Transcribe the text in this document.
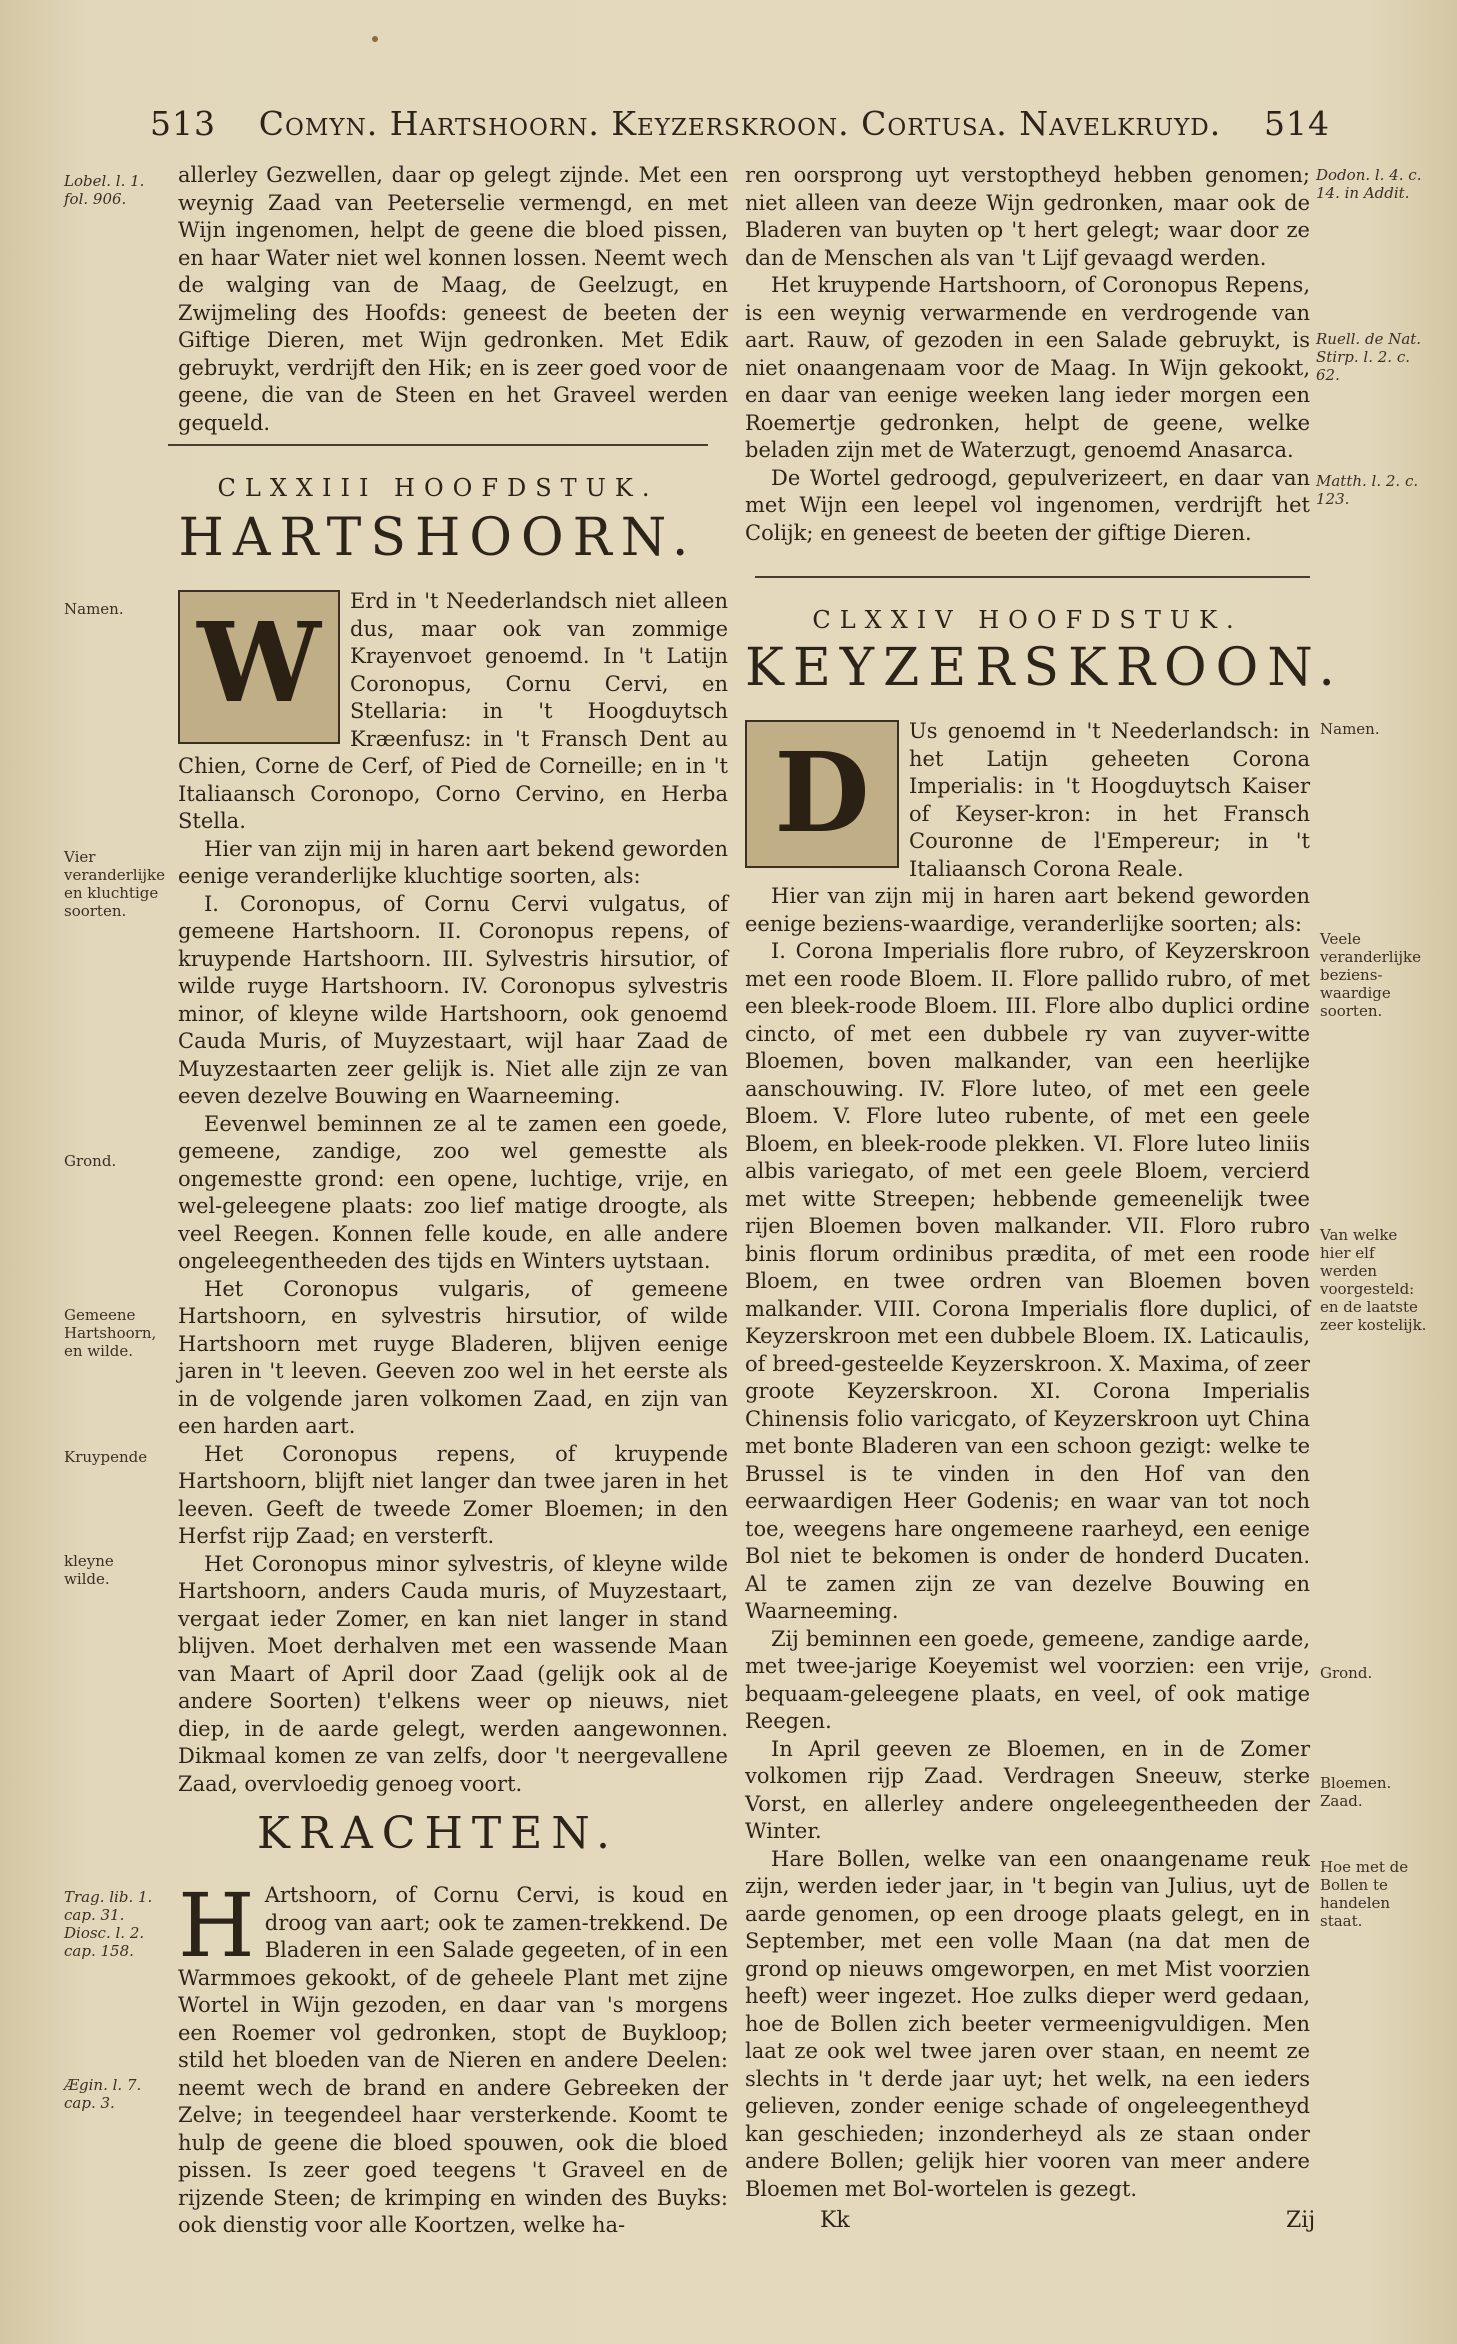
513	Comyn. Hartshoorn. Keyzerskroon. Cortusa. Navelkruyd.	514
Lobel. l. 1. fol. 906.
Namen.
Vier veranderlijke en kluchtige soorten.
Grond.
Gemeene Hartshoorn, en wilde.
Kruypende
kleyne wilde.
Trag. lib. 1. cap. 31. Diosc. l. 2. cap. 158.
Ægin. l. 7. cap. 3.

allerley Gezwellen, daar op gelegt zijnde. Met een weynig Zaad van Peeterselie vermengd, en met Wijn ingenomen, helpt de geene die bloed pissen, en haar Water niet wel konnen lossen. Neemt wech de walging van de Maag, de Geelzugt, en Zwijmeling des Hoofds: geneest de beeten der Giftige Dieren, met Wijn gedronken. Met Edik gebruykt, verdrijft den Hik; en is zeer goed voor de geene, die van de Steen en het Graveel werden gequeld.

CLXXIII HOOFDSTUK.
HARTSHOORN.
W	Erd in 't Neederlandsch niet alleen dus, maar ook van zommige Krayenvoet genoemd. In 't Latijn Coronopus, Cornu Cervi, en Stellaria: in 't Hoogduytsch Kræenfusz: in 't Fransch Dent au Chien, Corne de Cerf, of Pied de Corneille; en in 't Italiaansch Coronopo, Corno Cervino, en Herba Stella.

Hier van zijn mij in haren aart bekend geworden eenige veranderlijke kluchtige soorten, als:

I. Coronopus, of Cornu Cervi vulgatus, of gemeene Hartshoorn. II. Coronopus repens, of kruypende Hartshoorn. III. Sylvestris hirsutior, of wilde ruyge Hartshoorn. IV. Coronopus sylvestris minor, of kleyne wilde Hartshoorn, ook genoemd Cauda Muris, of Muyzestaart, wijl haar Zaad de Muyzestaarten zeer gelijk is. Niet alle zijn ze van eeven dezelve Bouwing en Waarneeming.

Eevenwel beminnen ze al te zamen een goede, gemeene, zandige, zoo wel gemestte als ongemestte grond: een opene, luchtige, vrije, en wel-geleegene plaats: zoo lief matige droogte, als veel Reegen. Konnen felle koude, en alle andere ongeleegentheeden des tijds en Winters uytstaan.

Het Coronopus vulgaris, of gemeene Hartshoorn, en sylvestris hirsutior, of wilde Hartshoorn met ruyge Bladeren, blijven eenige jaren in 't leeven. Geeven zoo wel in het eerste als in de volgende jaren volkomen Zaad, en zijn van een harden aart.

Het Coronopus repens, of kruypende Hartshoorn, blijft niet langer dan twee jaren in het leeven. Geeft de tweede Zomer Bloemen; in den Herfst rijp Zaad; en versterft.

Het Coronopus minor sylvestris, of kleyne wilde Hartshoorn, anders Cauda muris, of Muyzestaart, vergaat ieder Zomer, en kan niet langer in stand blijven. Moet derhalven met een wassende Maan van Maart of April door Zaad (gelijk ook al de andere Soorten) t'elkens weer op nieuws, niet diep, in de aarde gelegt, werden aangewonnen. Dikmaal komen ze van zelfs, door 't neergevallene Zaad, overvloedig genoeg voort.

KRACHTEN.
H Artshoorn, of Cornu Cervi, is koud en droog van aart; ook te zamen-trekkend. De Bladeren in een Salade gegeeten, of in een Warmmoes gekookt, of de geheele Plant met zijne Wortel in Wijn gezoden, en daar van 's morgens een Roemer vol gedronken, stopt de Buykloop; stild het bloeden van de Nieren en andere Deelen: neemt wech de brand en andere Gebreeken der Zelve; in teegendeel haar versterkende. Koomt te hulp de geene die bloed spouwen, ook die bloed pissen. Is zeer goed teegens 't Graveel en de rijzende Steen; de krimping en winden des Buyks: ook dienstig voor alle Koortzen, welke ha-

ren oorsprong uyt verstoptheyd hebben genomen; niet alleen van deeze Wijn gedronken, maar ook de Bladeren van buyten op 't hert gelegt; waar door ze dan de Menschen als van 't Lijf gevaagd werden.

Het kruypende Hartshoorn, of Coronopus Repens, is een weynig verwarmende en verdrogende van aart. Rauw, of gezoden in een Salade gebruykt, is niet onaangenaam voor de Maag. In Wijn gekookt, en daar van eenige weeken lang ieder morgen een Roemertje gedronken, helpt de geene, welke beladen zijn met de Waterzugt, genoemd Anasarca.

De Wortel gedroogd, gepulverizeert, en daar van met Wijn een leepel vol ingenomen, verdrijft het Colijk; en geneest de beeten der giftige Dieren.

CLXXIV HOOFDSTUK.
KEYZERSKROON.
D	Us genoemd in 't Neederlandsch: in het Latijn geheeten Corona Imperialis: in 't Hoogduytsch Kaiser of Keyser-kron: in het Fransch Couronne de l'Empereur; in 't Italiaansch Corona Reale.

Hier van zijn mij in haren aart bekend geworden eenige beziens-waardige, veranderlijke soorten; als:

I. Corona Imperialis flore rubro, of Keyzerskroon met een roode Bloem. II. Flore pallido rubro, of met een bleek-roode Bloem. III. Flore albo duplici ordine cincto, of met een dubbele ry van zuyver-witte Bloemen, boven malkander, van een heerlijke aanschouwing. IV. Flore luteo, of met een geele Bloem. V. Flore luteo rubente, of met een geele Bloem, en bleek-roode plekken. VI. Flore luteo liniis albis variegato, of met een geele Bloem, vercierd met witte Streepen; hebbende gemeenelijk twee rijen Bloemen boven malkander. VII. Floro rubro binis florum ordinibus prædita, of met een roode Bloem, en twee ordren van Bloemen boven malkander. VIII. Corona Imperialis flore duplici, of Keyzerskroon met een dubbele Bloem. IX. Laticaulis, of breed-gesteelde Keyzerskroon. X. Maxima, of zeer groote Keyzerskroon. XI. Corona Imperialis Chinensis folio varicgato, of Keyzerskroon uyt China met bonte Bladeren van een schoon gezigt: welke te Brussel is te vinden in den Hof van den eerwaardigen Heer Godenis; en waar van tot noch toe, weegens hare ongemeene raarheyd, een eenige Bol niet te bekomen is onder de honderd Ducaten. Al te zamen zijn ze van dezelve Bouwing en Waarneeming.

Zij beminnen een goede, gemeene, zandige aarde, met twee-jarige Koeyemist wel voorzien: een vrije, bequaam-geleegene plaats, en veel, of ook matige Reegen.

In April geeven ze Bloemen, en in de Zomer volkomen rijp Zaad. Verdragen Sneeuw, sterke Vorst, en allerley andere ongeleegentheeden der Winter.

Hare Bollen, welke van een onaangename reuk zijn, werden ieder jaar, in 't begin van Julius, uyt de aarde genomen, op een drooge plaats gelegt, en in September, met een volle Maan (na dat men de grond op nieuws omgeworpen, en met Mist voorzien heeft) weer ingezet. Hoe zulks dieper werd gedaan, hoe de Bollen zich beeter vermeenigvuldigen. Men laat ze ook wel twee jaren over staan, en neemt ze slechts in 't derde jaar uyt; het welk, na een ieders gelieven, zonder eenige schade of ongeleegentheyd kan geschieden; inzonderheyd als ze staan onder andere Bollen; gelijk hier vooren van meer andere Bloemen met Bol-wortelen is gezegt.

Dodon. l. 4. c. 14. in Addit.
Ruell. de Nat. Stirp. l. 2. c. 62.
Matth. l. 2. c. 123.
Namen.
Veele veranderlijke beziens-waardige soorten.
Van welke hier elf werden voorgesteld: en de laatste zeer kostelijk.
Grond.
Bloemen. Zaad.
Hoe met de Bollen te handelen staat.
Kk	Zij
